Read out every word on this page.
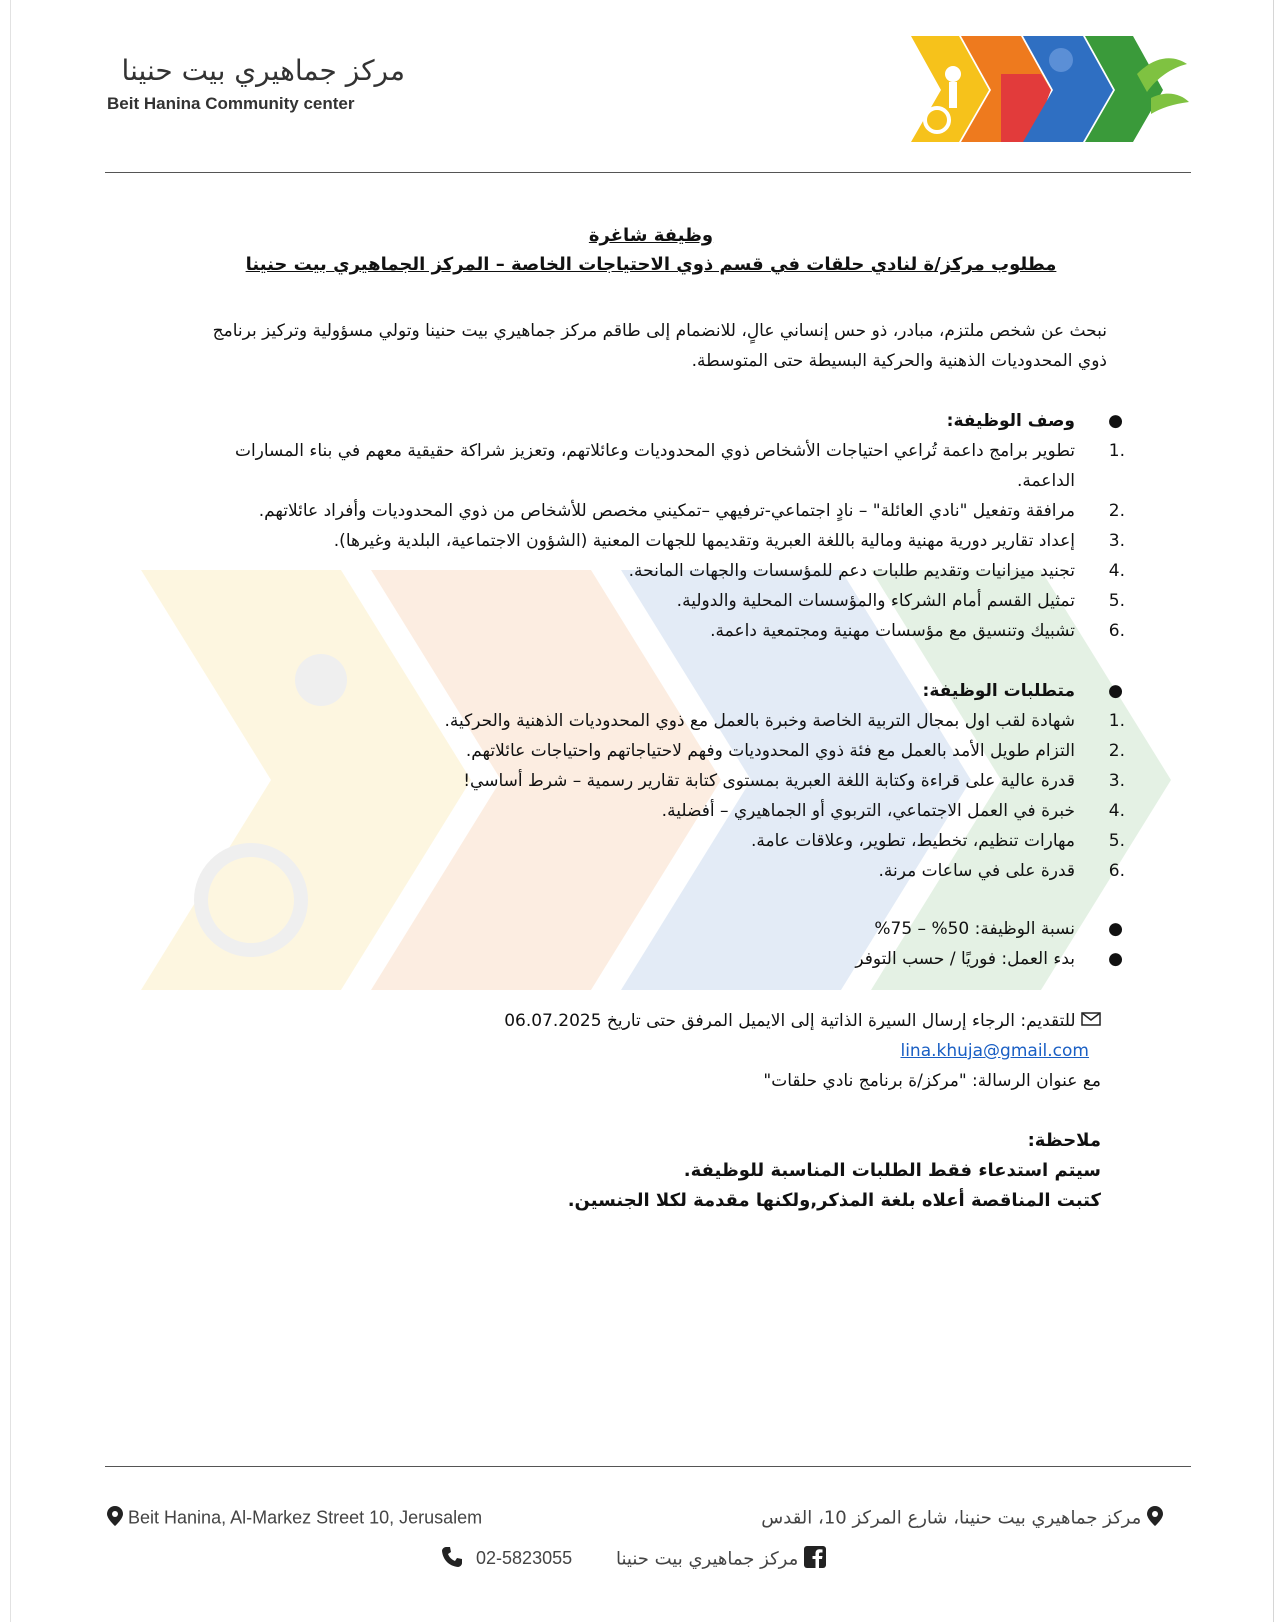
مركز جماهيري بيت حنينا
Beit Hanina Community center

وظيفة شاغرة

مطلوب مركز/ة لنادي حلقات في قسم ذوي الاحتياجات الخاصة – المركز الجماهيري بيت حنينا

نبحث عن شخص ملتزم، مبادر، ذو حس إنساني عالٍ، للانضمام إلى طاقم مركز جماهيري بيت حنينا وتولي مسؤولية وتركيز برنامج ذوي المحدوديات الذهنية والحركية البسيطة حتى المتوسطة.

●
وصف الوظيفة:
1.
تطوير برامج داعمة تُراعي احتياجات الأشخاص ذوي المحدوديات وعائلاتهم، وتعزيز شراكة حقيقية معهم في بناء المسارات الداعمة.
2.
مرافقة وتفعيل "نادي العائلة" – نادٍ اجتماعي-ترفيهي –تمكيني مخصص للأشخاص من ذوي المحدوديات وأفراد عائلاتهم.
3.
إعداد تقارير دورية مهنية ومالية باللغة العبرية وتقديمها للجهات المعنية (الشؤون الاجتماعية، البلدية وغيرها).
4.
تجنيد ميزانيات وتقديم طلبات دعم للمؤسسات والجهات المانحة.
5.
تمثيل القسم أمام الشركاء والمؤسسات المحلية والدولية.
6.
تشبيك وتنسيق مع مؤسسات مهنية ومجتمعية داعمة.
●
متطلبات الوظيفة:
1.
شهادة لقب اول بمجال التربية الخاصة وخبرة بالعمل مع ذوي المحدوديات الذهنية والحركية.
2.
التزام طويل الأمد بالعمل مع فئة ذوي المحدوديات وفهم لاحتياجاتهم واحتياجات عائلاتهم.
3.
قدرة عالية على قراءة وكتابة اللغة العبرية بمستوى كتابة تقارير رسمية – شرط أساسي!
4.
خبرة في العمل الاجتماعي، التربوي أو الجماهيري – أفضلية.
5.
مهارات تنظيم، تخطيط، تطوير، وعلاقات عامة.
6.
قدرة على في ساعات مرنة.
●
نسبة الوظيفة: 50% – 75%
●
بدء العمل: فوريًا / حسب التوفر
للتقديم: الرجاء إرسال السيرة الذاتية إلى الايميل المرفق حتى تاريخ 06.07.2025
lina.khuja@gmail.com
مع عنوان الرسالة: "مركز/ة برنامج نادي حلقات"
ملاحظة:
سيتم استدعاء فقط الطلبات المناسبة للوظيفة.
كتبت المناقصة أعلاه بلغة المذكر,ولكنها مقدمة لكلا الجنسين.
Beit Hanina, Al-Markez Street 10, Jerusalem	مركز جماهيري بيت حنينا، شارع المركز 10، القدس
02-5823055 مركز جماهيري بيت حنينا
